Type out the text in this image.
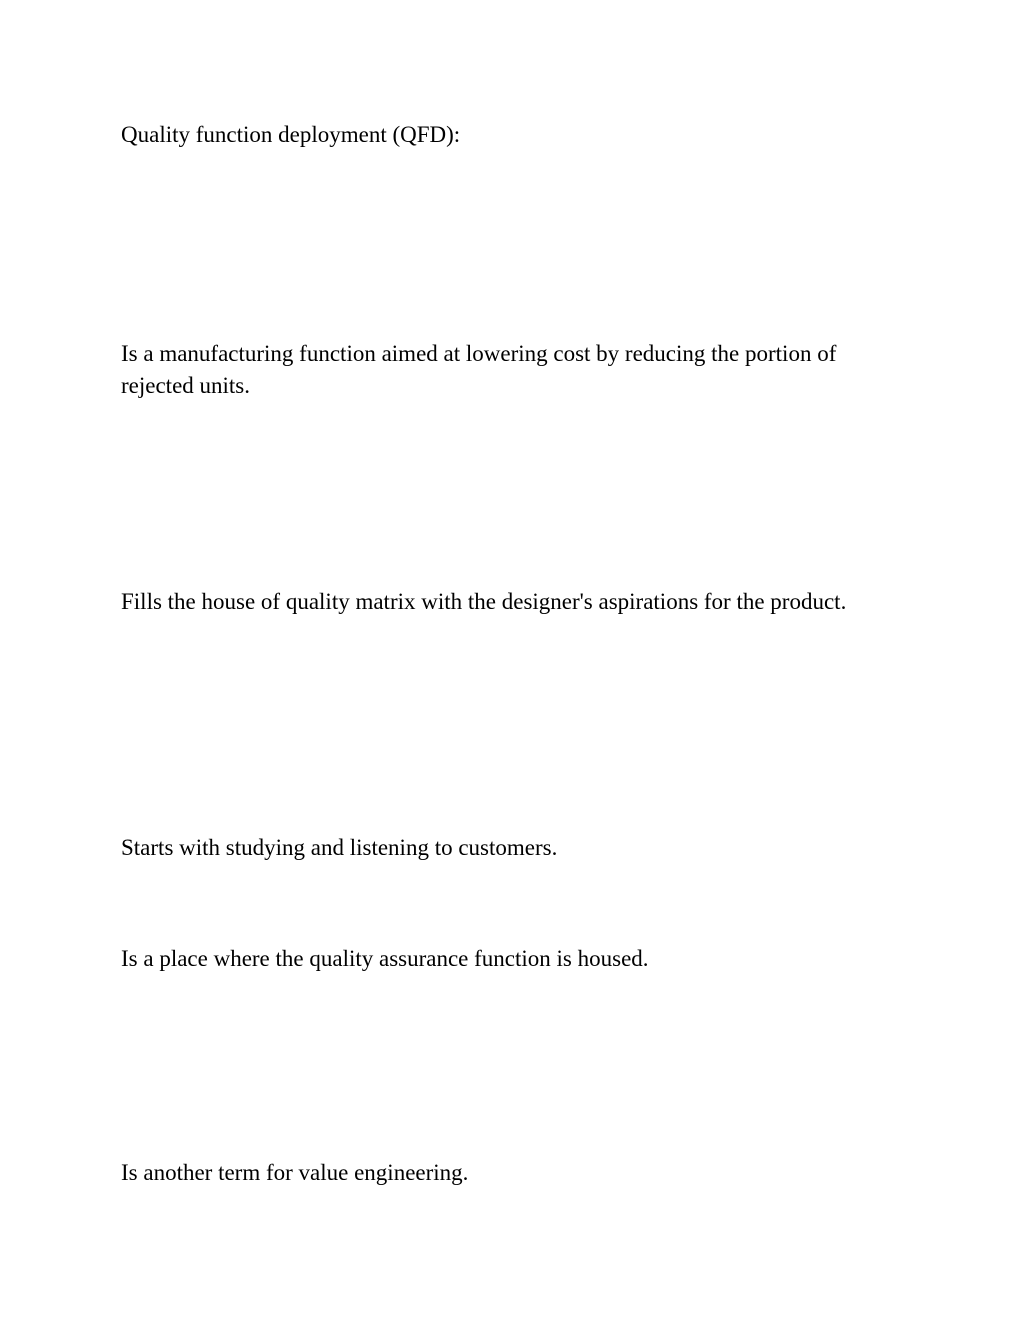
Quality function deployment (QFD):

Is a manufacturing function aimed at lowering cost by reducing the portion of rejected units.

Fills the house of quality matrix with the designer's aspirations for the product.

Starts with studying and listening to customers.

Is a place where the quality assurance function is housed.

Is another term for value engineering.
